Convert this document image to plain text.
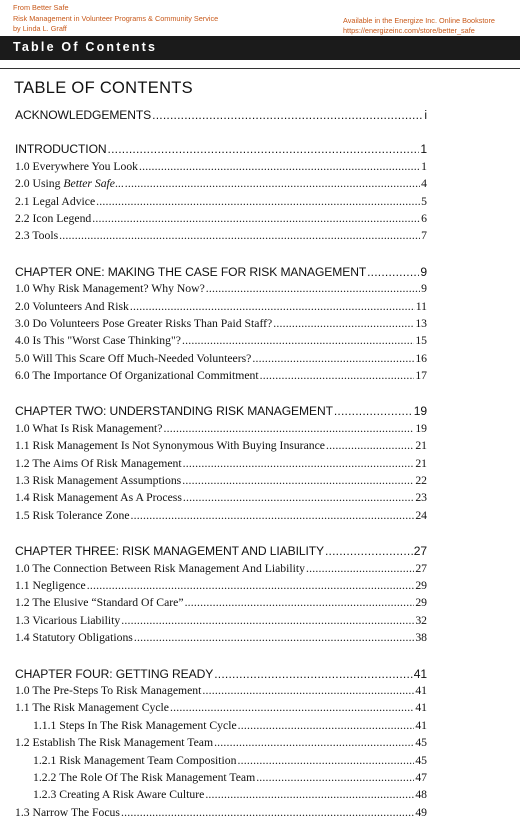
From Better Safe
Risk Management in Volunteer Programs & Community Service
by Linda L. Graff
Available in the Energize Inc. Online Bookstore
https://energizeinc.com/store/better_safe
Table Of Contents
TABLE OF CONTENTS
ACKNOWLEDGEMENTS .....	i
INTRODUCTION .....	1
1.0 Everywhere You Look .....	1
2.0 Using Better Safe... .....	4
2.1 Legal Advice .....	5
2.2 Icon Legend .....	6
2.3 Tools .....	7
CHAPTER ONE: MAKING THE CASE FOR RISK MANAGEMENT .....	9
1.0 Why Risk Management? Why Now? .....	9
2.0 Volunteers And Risk .....	11
3.0 Do Volunteers Pose Greater Risks Than Paid Staff? .....	13
4.0 Is This "Worst Case Thinking"? .....	15
5.0 Will This Scare Off Much-Needed Volunteers? .....	16
6.0 The Importance Of Organizational Commitment .....	17
CHAPTER TWO: UNDERSTANDING RISK MANAGEMENT .....	19
1.0 What Is Risk Management? .....	19
1.1 Risk Management Is Not Synonymous With Buying Insurance .....	21
1.2 The Aims Of Risk Management .....	21
1.3 Risk Management Assumptions .....	22
1.4 Risk Management As A Process .....	23
1.5 Risk Tolerance Zone .....	24
CHAPTER THREE: RISK MANAGEMENT AND LIABILITY .....	27
1.0 The Connection Between Risk Management And Liability .....	27
1.1 Negligence .....	29
1.2 The Elusive “Standard Of Care” .....	29
1.3 Vicarious Liability .....	32
1.4 Statutory Obligations .....	38
CHAPTER FOUR: GETTING READY .....	41
1.0 The Pre-Steps To Risk Management .....	41
1.1 The Risk Management Cycle .....	41
1.1.1 Steps In The Risk Management Cycle .....	41
1.2 Establish The Risk Management Team .....	45
1.2.1 Risk Management Team Composition .....	45
1.2.2 The Role Of The Risk Management Team .....	47
1.2.3 Creating A Risk Aware Culture .....	48
1.3 Narrow The Focus .....	49
